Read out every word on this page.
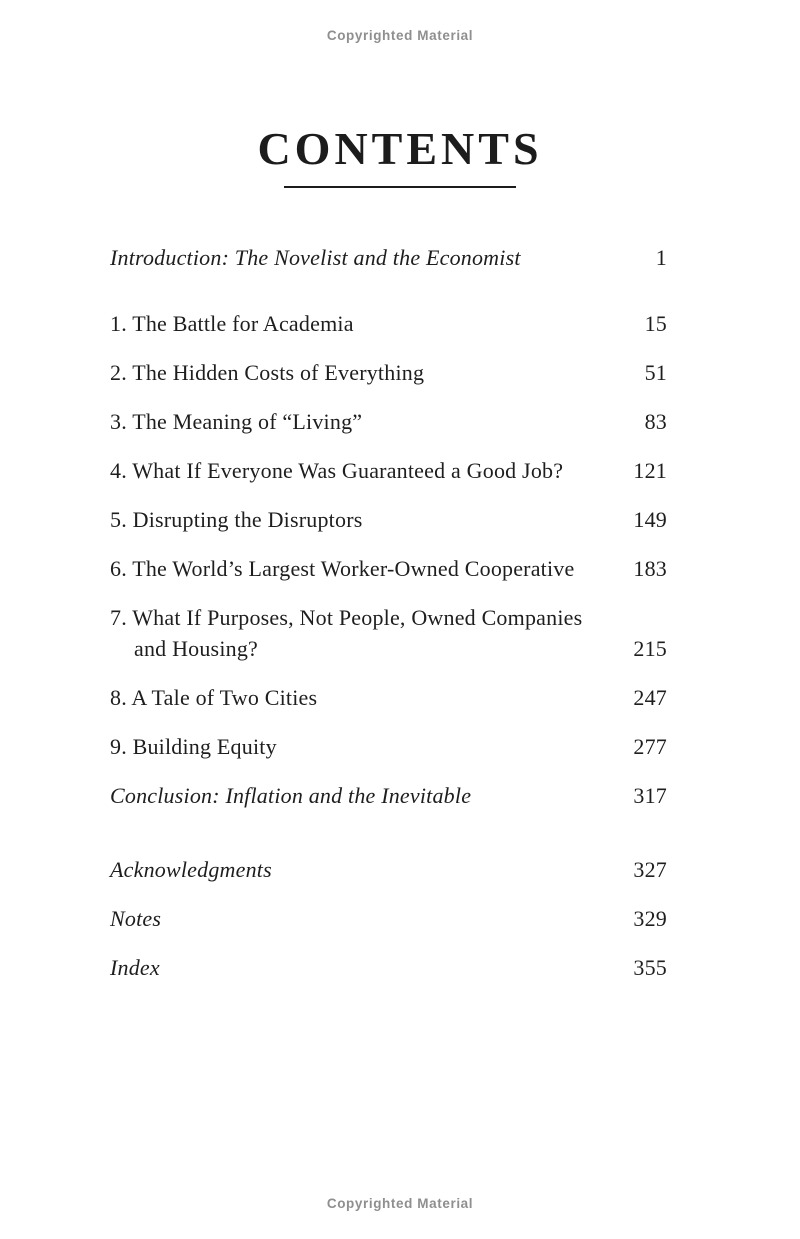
Copyrighted Material
CONTENTS
Introduction: The Novelist and the Economist	1
1. The Battle for Academia	15
2. The Hidden Costs of Everything	51
3. The Meaning of “Living”	83
4. What If Everyone Was Guaranteed a Good Job?	121
5. Disrupting the Disruptors	149
6. The World’s Largest Worker-Owned Cooperative	183
7. What If Purposes, Not People, Owned Companies
and Housing?	215
8. A Tale of Two Cities	247
9. Building Equity	277
Conclusion: Inflation and the Inevitable	317
Acknowledgments	327
Notes	329
Index	355
Copyrighted Material
